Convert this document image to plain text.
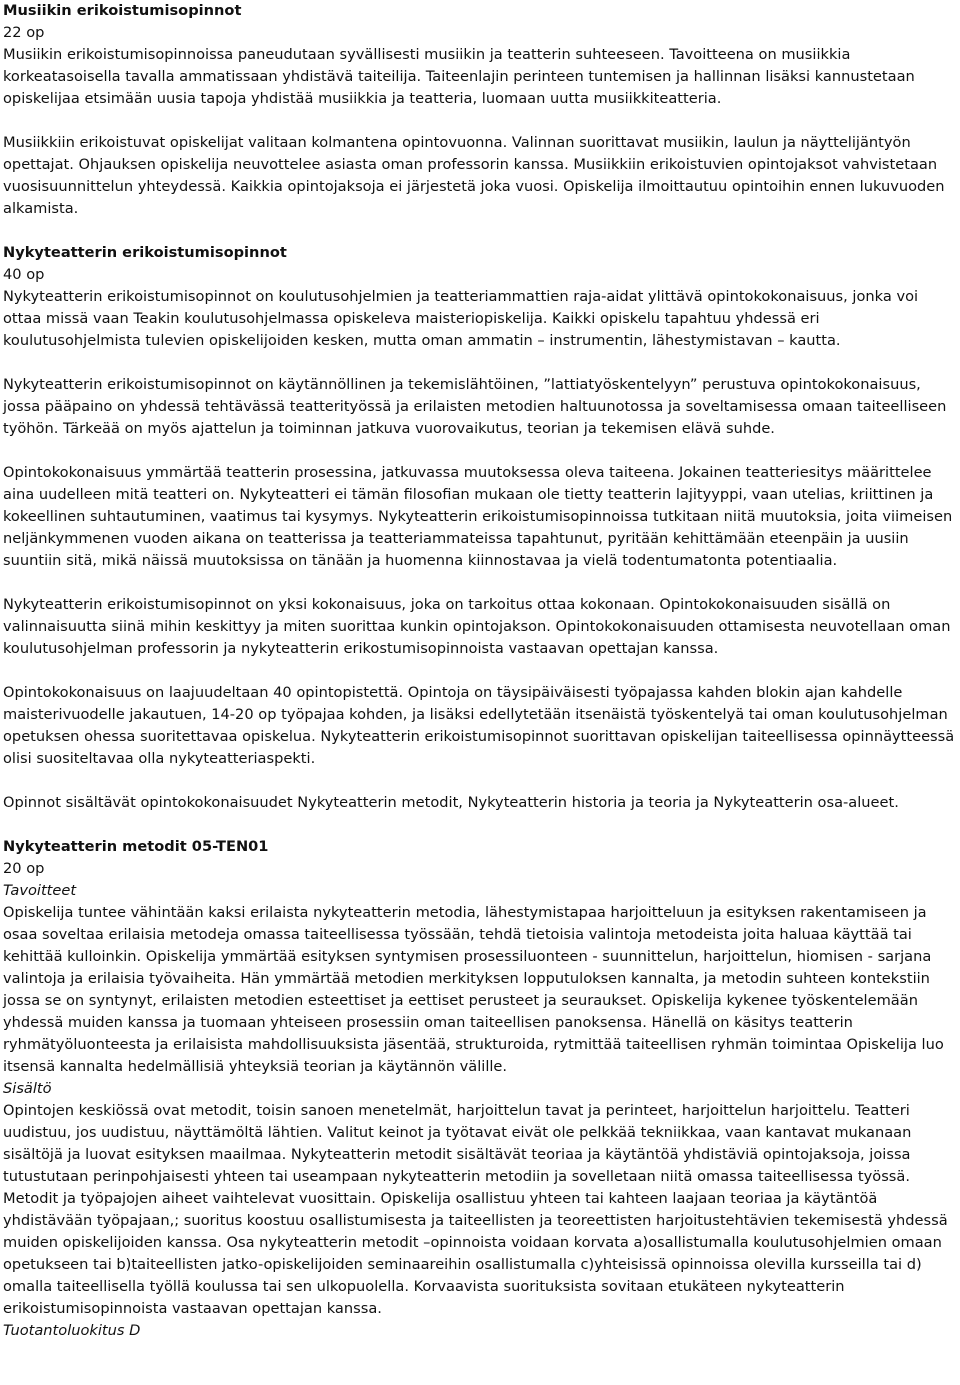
Musiikin erikoistumisopinnot

22 op

Musiikin erikoistumisopinnoissa paneudutaan syvällisesti musiikin ja teatterin suhteeseen. Tavoitteena on musiikkia korkeatasoisella tavalla ammatissaan yhdistävä taiteilija. Taiteenlajin perinteen tuntemisen ja hallinnan lisäksi kannustetaan opiskelijaa etsimään uusia tapoja yhdistää musiikkia ja teatteria, luomaan uutta musiikkiteatteria.

Musiikkiin erikoistuvat opiskelijat valitaan kolmantena opintovuonna. Valinnan suorittavat musiikin, laulun ja näyttelijäntyön opettajat. Ohjauksen opiskelija neuvottelee asiasta oman professorin kanssa. Musiikkiin erikoistuvien opintojaksot vahvistetaan vuosisuunnittelun yhteydessä. Kaikkia opintojaksoja ei järjestetä joka vuosi. Opiskelija ilmoittautuu opintoihin ennen lukuvuoden alkamista.

Nykyteatterin erikoistumisopinnot

40 op

Nykyteatterin erikoistumisopinnot on koulutusohjelmien ja teatteriammattien raja-aidat ylittävä opintokokonaisuus, jonka voi ottaa missä vaan Teakin koulutusohjelmassa opiskeleva maisteriopiskelija. Kaikki opiskelu tapahtuu yhdessä eri koulutusohjelmista tulevien opiskelijoiden kesken, mutta oman ammatin – instrumentin, lähestymistavan – kautta.

Nykyteatterin erikoistumisopinnot on käytännöllinen ja tekemislähtöinen, ”lattiatyöskentelyyn” perustuva opintokokonaisuus, jossa pääpaino on yhdessä tehtävässä teatterityössä ja erilaisten metodien haltuunotossa ja soveltamisessa omaan taiteelliseen työhön. Tärkeää on myös ajattelun ja toiminnan jatkuva vuorovaikutus, teorian ja tekemisen elävä suhde.

Opintokokonaisuus ymmärtää teatterin prosessina, jatkuvassa muutoksessa oleva taiteena. Jokainen teatteriesitys määrittelee aina uudelleen mitä teatteri on. Nykyteatteri ei tämän filosofian mukaan ole tietty teatterin lajityyppi, vaan utelias, kriittinen ja kokeellinen suhtautuminen, vaatimus tai kysymys. Nykyteatterin erikoistumisopinnoissa tutkitaan niitä muutoksia, joita viimeisen neljänkymmenen vuoden aikana on teatterissa ja teatteriammateissa tapahtunut, pyritään kehittämään eteenpäin ja uusiin suuntiin sitä, mikä näissä muutoksissa on tänään ja huomenna kiinnostavaa ja vielä todentumatonta potentiaalia.

Nykyteatterin erikoistumisopinnot on yksi kokonaisuus, joka on tarkoitus ottaa kokonaan. Opintokokonaisuuden sisällä on valinnaisuutta siinä mihin keskittyy ja miten suorittaa kunkin opintojakson. Opintokokonaisuuden ottamisesta neuvotellaan oman koulutusohjelman professorin ja nykyteatterin erikostumisopinnoista vastaavan opettajan kanssa.

Opintokokonaisuus on laajuudeltaan 40 opintopistettä. Opintoja on täysipäiväisesti työpajassa kahden blokin ajan kahdelle maisterivuodelle jakautuen, 14-20 op työpajaa kohden, ja lisäksi edellytetään itsenäistä työskentelyä tai oman koulutusohjelman opetuksen ohessa suoritettavaa opiskelua. Nykyteatterin erikoistumisopinnot suorittavan opiskelijan taiteellisessa opinnäytteessä olisi suositeltavaa olla nykyteatteriaspekti.

Opinnot sisältävät opintokokonaisuudet Nykyteatterin metodit, Nykyteatterin historia ja teoria ja Nykyteatterin osa-alueet.

Nykyteatterin metodit 05-TEN01

20 op

Tavoitteet

Opiskelija tuntee vähintään kaksi erilaista nykyteatterin metodia, lähestymistapaa harjoitteluun ja esityksen rakentamiseen ja osaa soveltaa erilaisia metodeja omassa taiteellisessa työssään, tehdä tietoisia valintoja metodeista joita haluaa käyttää tai kehittää kulloinkin. Opiskelija ymmärtää esityksen syntymisen prosessiluonteen - suunnittelun, harjoittelun, hiomisen - sarjana valintoja ja erilaisia työvaiheita. Hän ymmärtää metodien merkityksen lopputuloksen kannalta, ja metodin suhteen kontekstiin jossa se on syntynyt, erilaisten metodien esteettiset ja eettiset perusteet ja seuraukset. Opiskelija kykenee työskentelemään yhdessä muiden kanssa ja tuomaan yhteiseen prosessiin oman taiteellisen panoksensa. Hänellä on käsitys teatterin ryhmätyöluonteesta ja erilaisista mahdollisuuksista jäsentää, strukturoida, rytmittää taiteellisen ryhmän toimintaa Opiskelija luo itsensä kannalta hedelmällisiä yhteyksiä teorian ja käytännön välille.

Sisältö

Opintojen keskiössä ovat metodit, toisin sanoen menetelmät, harjoittelun tavat ja perinteet, harjoittelun harjoittelu. Teatteri uudistuu, jos uudistuu, näyttämöltä lähtien. Valitut keinot ja työtavat eivät ole pelkkää tekniikkaa, vaan kantavat mukanaan sisältöjä ja luovat esityksen maailmaa. Nykyteatterin metodit sisältävät teoriaa ja käytäntöä yhdistäviä opintojaksoja, joissa tutustutaan perinpohjaisesti yhteen tai useampaan nykyteatterin metodiin ja sovelletaan niitä omassa taiteellisessa työssä. Metodit ja työpajojen aiheet vaihtelevat vuosittain. Opiskelija osallistuu yhteen tai kahteen laajaan teoriaa ja käytäntöä yhdistävään työpajaan,; suoritus koostuu osallistumisesta ja taiteellisten ja teoreettisten harjoitustehtävien tekemisestä yhdessä muiden opiskelijoiden kanssa. Osa nykyteatterin metodit –opinnoista voidaan korvata a)osallistumalla koulutusohjelmien omaan opetukseen tai b)taiteellisten jatko-opiskelijoiden seminaareihin osallistumalla c)yhteisissä opinnoissa olevilla kursseilla tai d) omalla taiteellisella työllä koulussa tai sen ulkopuolella. Korvaavista suorituksista sovitaan etukäteen nykyteatterin erikoistumisopinnoista vastaavan opettajan kanssa.

Tuotantoluokitus D
